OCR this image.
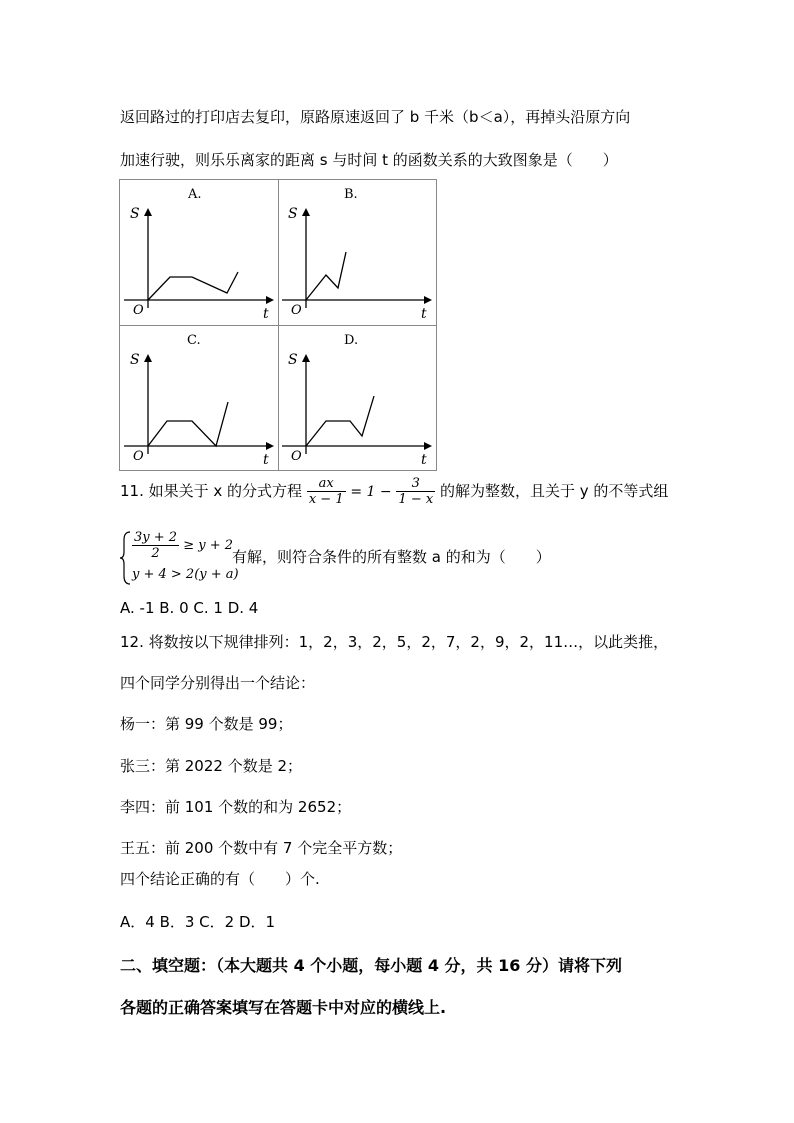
返回路过的打印店去复印，原路原速返回了 b 千米（b＜a），再掉头沿原方向
加速行驶，则乐乐离家的距离 s 与时间 t 的函数关系的大致图象是（　　）
A.
S
O	t
B.
S
O	t
C.
S
O	t
D.
S
O	t
11. 如果关于 x 的分式方程 $\frac{ax}{x - 1} = 1 - \frac{3}{1 - x}$ 的解为整数，且关于 y 的不等式组
$\frac{3y + 2}{2} \ge y + 2$
y + 4 > 2(y + a)
有解，则符合条件的所有整数 a 的和为（　　）
A. -1 B. 0 C. 1 D. 4
12. 将数按以下规律排列：1，2，3，2，5，2，7，2，9，2，11…，以此类推，
四个同学分别得出一个结论：
杨一：第 99 个数是 99；
张三：第 2022 个数是 2；
李四：前 101 个数的和为 2652；
王五：前 200 个数中有 7 个完全平方数；
四个结论正确的有（　　）个.
A．4 B．3 C．2 D．1
二、填空题：（本大题共 4 个小题，每小题 4 分，共 16 分）请将下列
各题的正确答案填写在答题卡中对应的横线上.
